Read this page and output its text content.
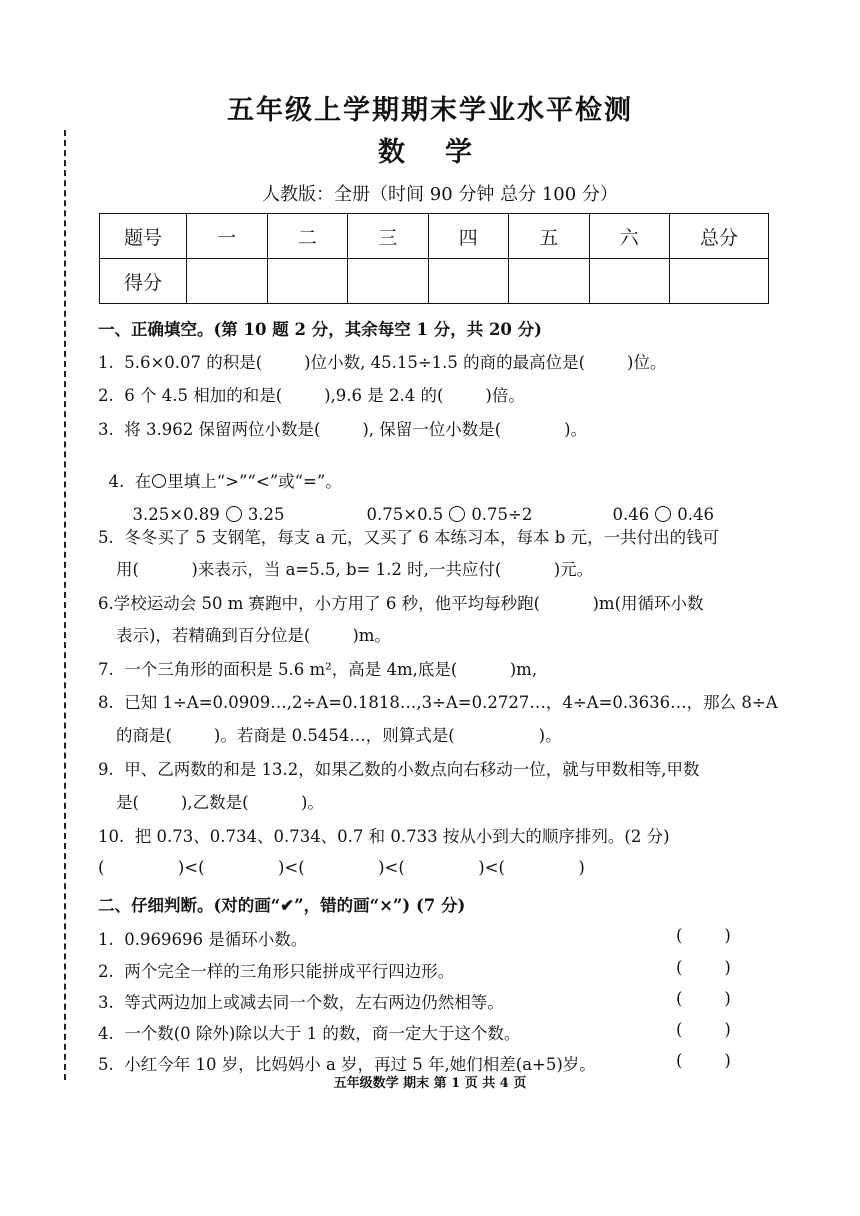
五年级上学期期末学业水平检测
数学
人教版：全册（时间 90 分钟 总分 100 分）
题号	一	二	三	四	五	六	总分
得分							
一、正确填空。(第 10 题 2 分，其余每空 1 分，共 20 分)
1.  5.6×0.07 的积是(        )位小数, 45.15÷1.5 的商的最高位是(        )位。
2.  6 个 4.5 相加的和是(        ),9.6 是 2.4 的(        )倍。
3.  将 3.962 保留两位小数是(        ), 保留一位小数是(            )。

4.  在 里填上“>”“<”或“=”。

3.25×0.89 3.25	0.75×0.5 0.75÷2	0.46 0.46

5.  冬冬买了 5 支钢笔，每支 a 元，又买了 6 本练习本，每本 b 元，一共付出的钱可
用(          )来表示，当 a=5.5, b= 1.2 时,一共应付(          )元。
6.学校运动会 50 m 赛跑中，小方用了 6 秒，他平均每秒跑(          )m(用循环小数
表示)，若精确到百分位是(        )m。
7.  一个三角形的面积是 5.6 m²，高是 4m,底是(          )m,
8.  已知 1÷A=0.0909…,2÷A=0.1818…,3÷A=0.2727…，4÷A=0.3636…，那么 8÷A
的商是(        )。若商是 0.5454…，则算式是(                )。
9.  甲、乙两数的和是 13.2，如果乙数的小数点向右移动一位，就与甲数相等,甲数
是(        ),乙数是(          )。
10.  把 0.73、0.734、0.734、0.7 和 0.733 按从小到大的顺序排列。(2 分)
(              )<(              )<(              )<(              )<(              )
二、仔细判断。(对的画“✔”，错的画“×”) (7 分)
1.  0.969696 是循环小数。	(        )
2.  两个完全一样的三角形只能拼成平行四边形。	(        )
3.  等式两边加上或减去同一个数，左右两边仍然相等。	(        )
4.  一个数(0 除外)除以大于 1 的数，商一定大于这个数。	(        )
5.  小红今年 10 岁，比妈妈小 a 岁，再过 5 年,她们相差(a+5)岁。	(        )
五年级数学 期末 第 1 页 共 4 页
